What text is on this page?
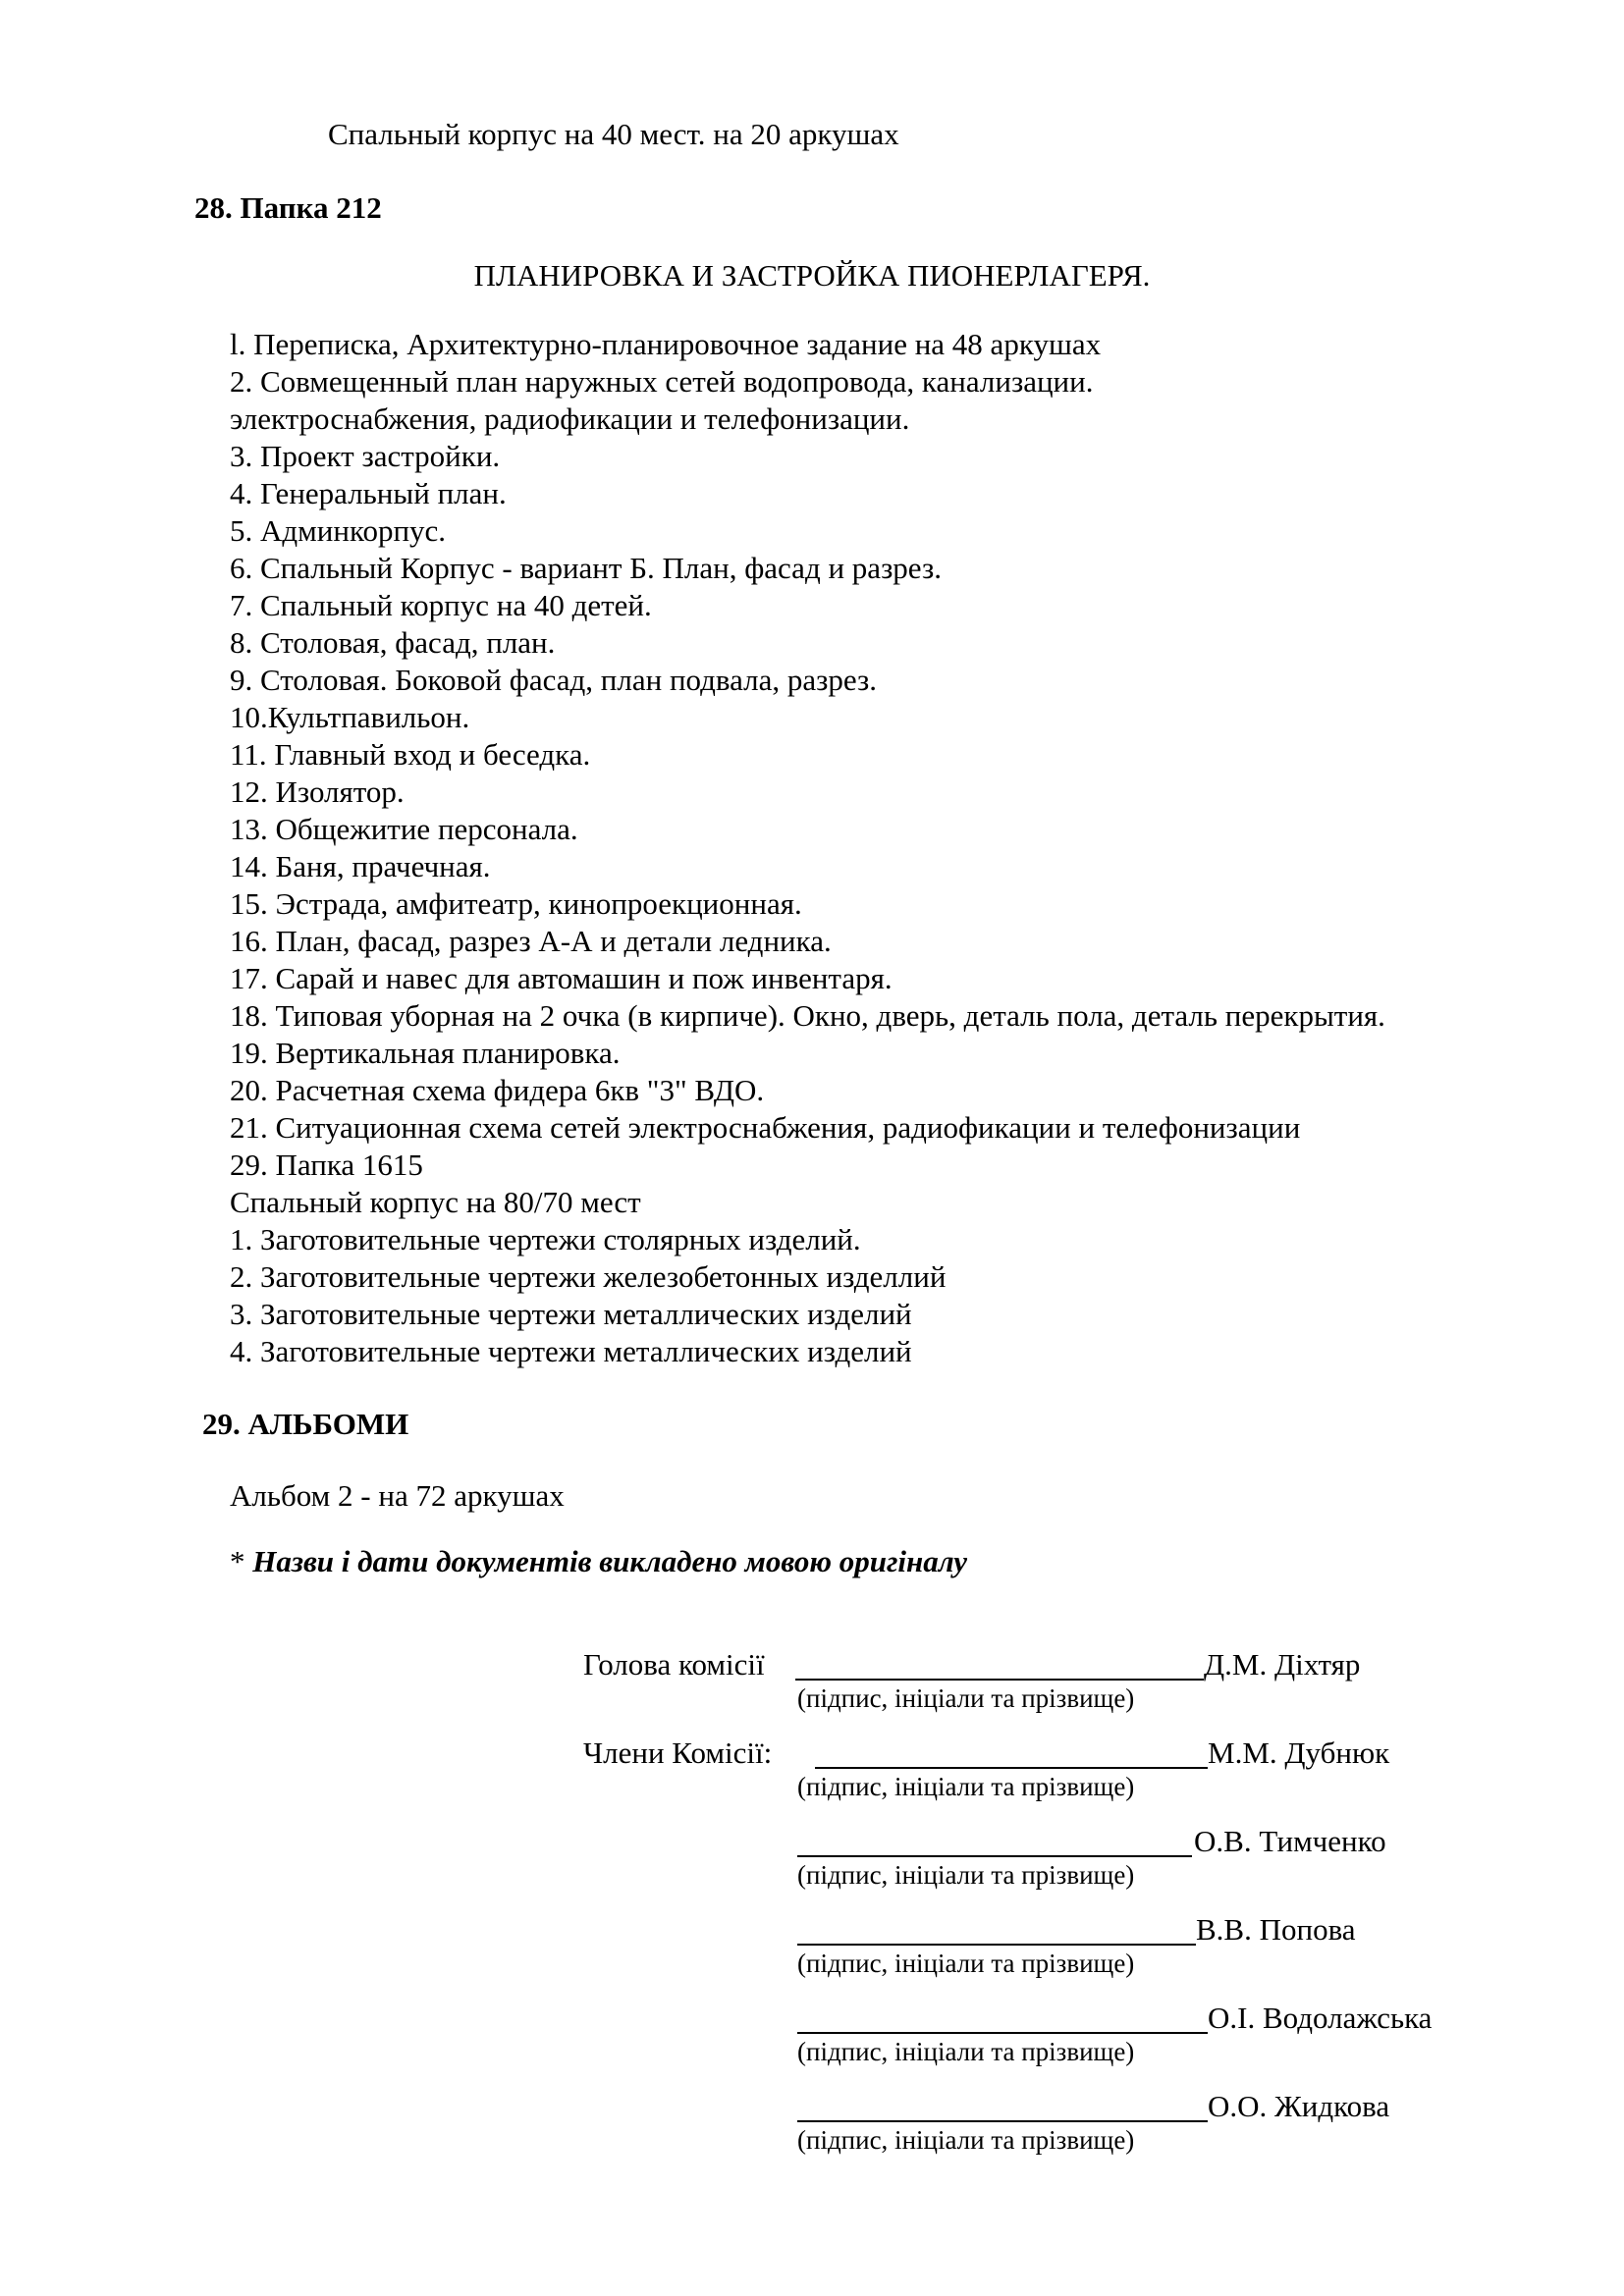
Спальный корпус на 40 мест. на 20 аркушах
28. Папка 212
ПЛАНИРОВКА И ЗАСТРОЙКА ПИОНЕРЛАГЕРЯ.
l. Переписка, Архитектурно-планировочное задание на 48 аркушах
2. Совмещенный план наружных сетей водопровода, канализации.
электроснабжения, радиофикации и телефонизации.
3. Проект застройки.
4. Генеральный план.
5. Админкорпус.
6. Спальный Корпус - вариант Б. План, фасад и разрез.
7. Спальный корпус на 40 детей.
8. Столовая, фасад, план.
9. Столовая. Боковой фасад, план подвала, разрез.
10.Культпавильон.
11. Главный вход и беседка.
12. Изолятор.
13. Общежитие персонала.
14. Баня, прачечная.
15. Эстрада, амфитеатр, кинопроекционная.
16. План, фасад, разрез А-А и детали ледника.
17. Сарай и навес для автомашин и пож инвентаря.
18. Типовая уборная на 2 очка (в кирпиче). Окно, дверь, деталь пола, деталь перекрытия.
19. Вертикальная планировка.
20. Расчетная схема фидера 6кв "3" ВДО.
21. Ситуационная схема сетей электроснабжения, радиофикации и телефонизации
29. Папка 1615
Спальный корпус на 80/70 мест
1. Заготовительные чертежи столярных изделий.
2. Заготовительные чертежи железобетонных изделлий
3. Заготовительные чертежи металлических изделий
4. Заготовительные чертежи металлических изделий
29. АЛЬБОМИ
Альбом 2 - на 72 аркушах
* Назви і дати документів викладено мовою оригіналу
Голова комісії	Д.М. Діхтяр
(підпис, ініціали та прізвище)
Члени Комісії:	М.М. Дубнюк
(підпис, ініціали та прізвище)
О.В. Тимченко
(підпис, ініціали та прізвище)
В.В. Попова
(підпис, ініціали та прізвище)
О.І. Водолажська
(підпис, ініціали та прізвище)
О.О. Жидкова
(підпис, ініціали та прізвище)
